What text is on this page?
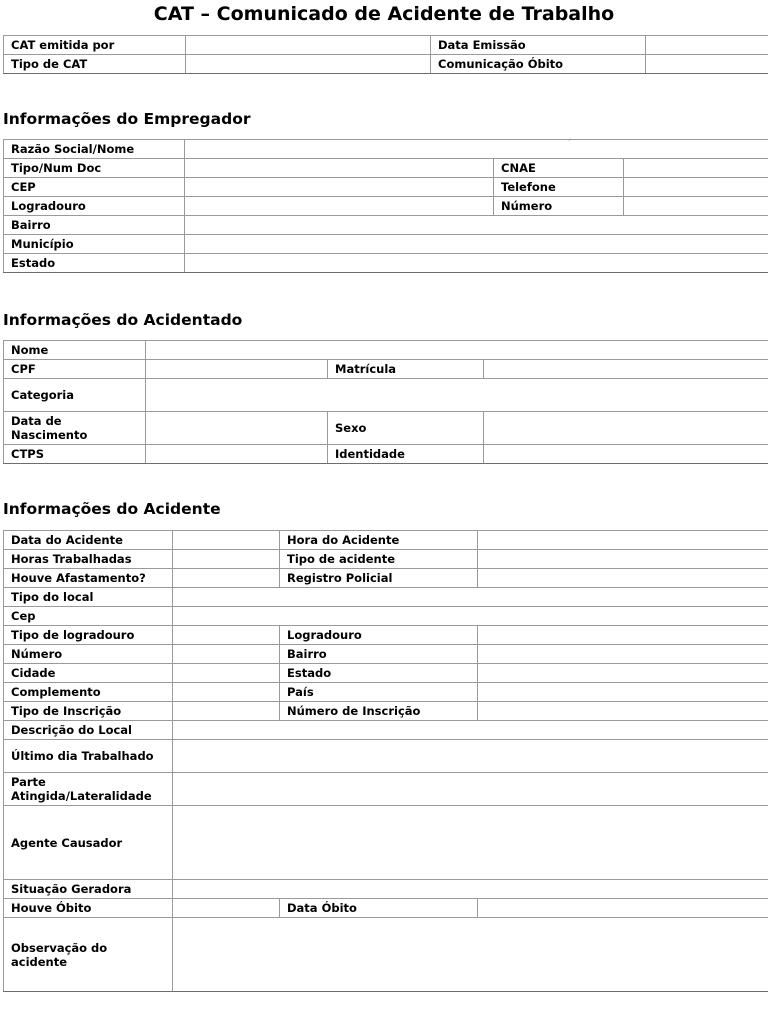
CAT – Comunicado de Acidente de Trabalho
CAT emitida por		Data Emissão	
Tipo de CAT		Comunicação Óbito	
Informações do Empregador
ˊ
Razão Social/Nome			
Tipo/Num Doc		CNAE	
CEP		Telefone	
Logradouro		Número	
Bairro			
Município			
Estado			
Informações do Acidentado
Nome			
CPF		Matrícula	
Categoria			
Data de Nascimento		Sexo	
CTPS		Identidade	
Informações do Acidente
Data do Acidente		Hora do Acidente	
Horas Trabalhadas		Tipo de acidente	
Houve Afastamento?		Registro Policial	
Tipo do local			
Cep			
Tipo de logradouro		Logradouro	
Número		Bairro	
Cidade		Estado	
Complemento		País	
Tipo de Inscrição		Número de Inscrição	
Descrição do Local			
Último dia Trabalhado			
Parte Atingida/Lateralidade			
Agente Causador			
Situação Geradora			
Houve Óbito		Data Óbito	
Observação do acidente			
